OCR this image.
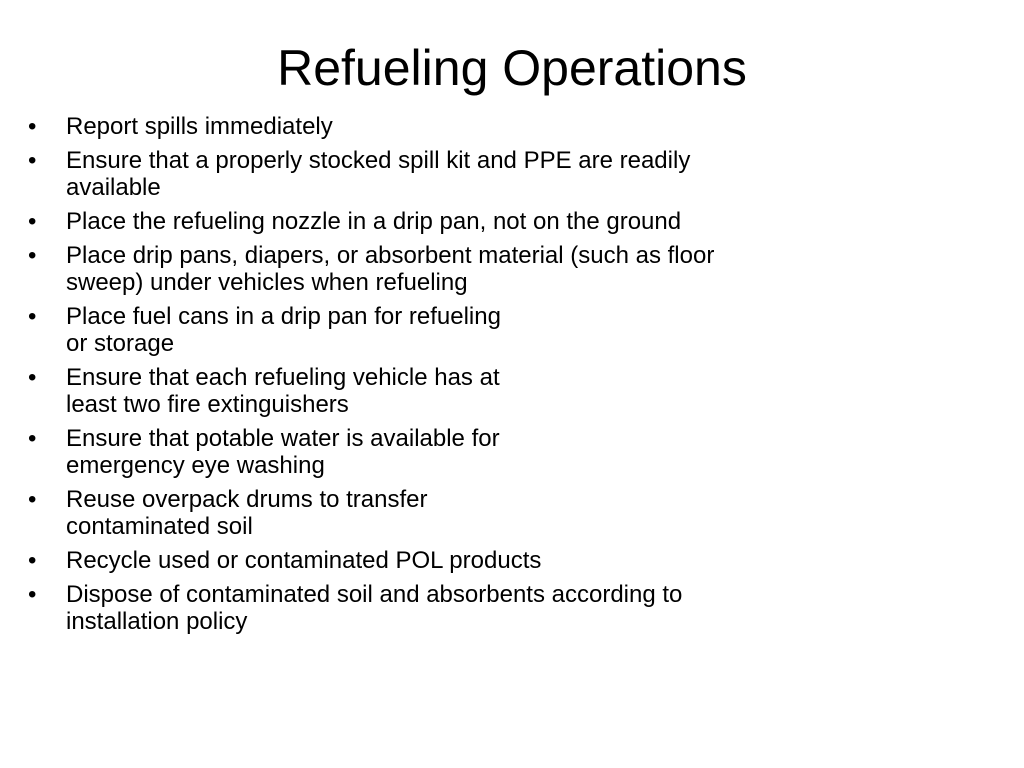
Refueling Operations
•	Report spills immediately
•	Ensure that a properly stocked spill kit and PPE are readily
available
•	Place the refueling nozzle in a drip pan, not on the ground
•	Place drip pans, diapers, or absorbent material (such as floor
sweep) under vehicles when refueling
•	Place fuel cans in a drip pan for refueling
or storage
•	Ensure that each refueling vehicle has at
least two fire extinguishers
•	Ensure that potable water is available for
emergency eye washing
•	Reuse overpack drums to transfer
contaminated soil
•	Recycle used or contaminated POL products
•	Dispose of contaminated soil and absorbents according to
installation policy
